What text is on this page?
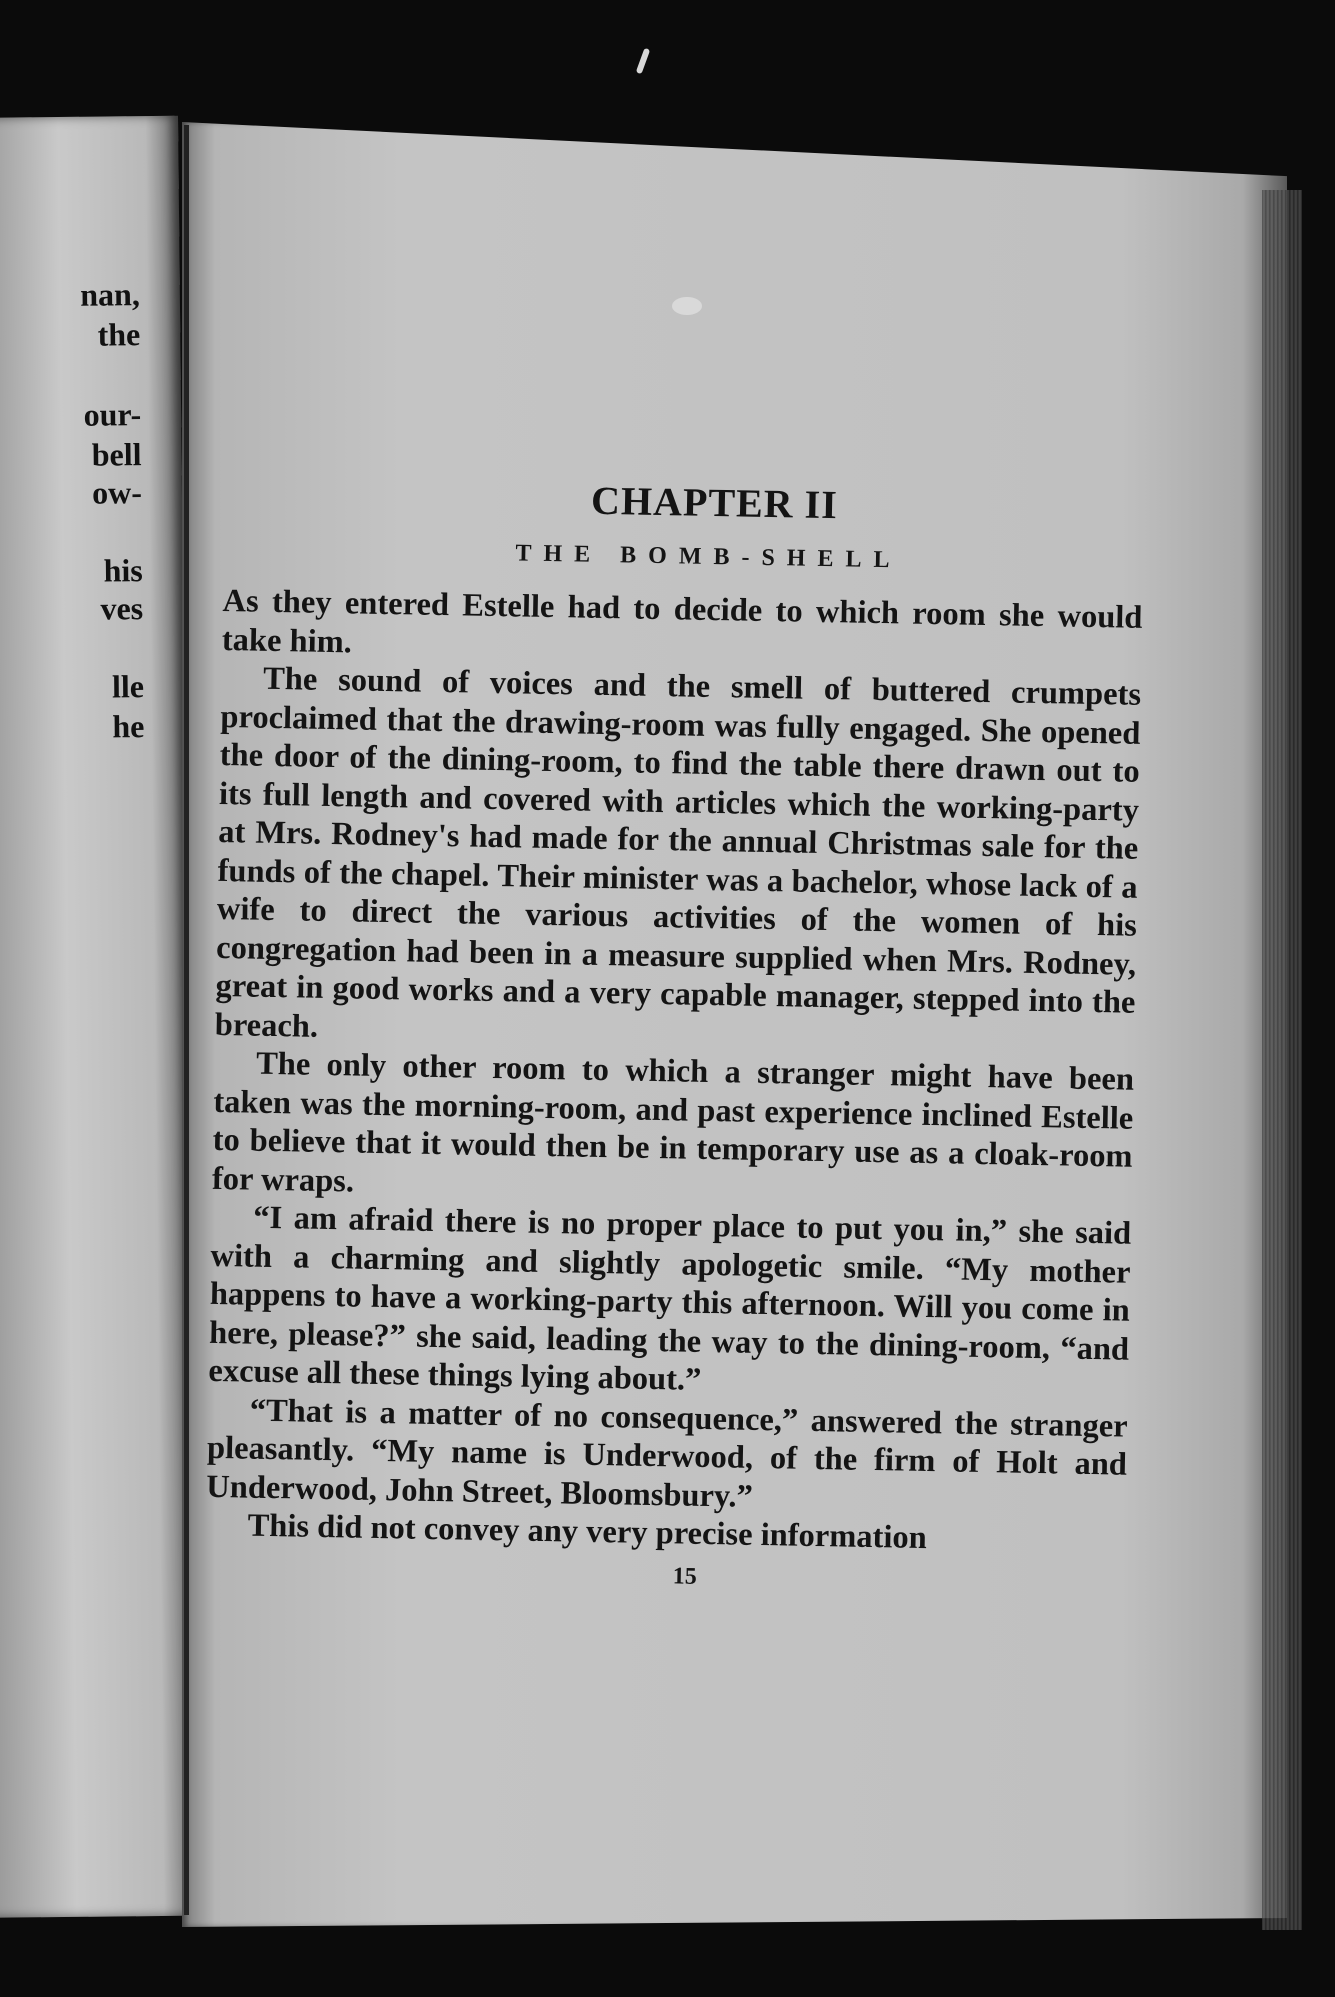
nan,
the
our-
bell
ow-
his
ves
lle
he
CHAPTER II
THE BOMB-SHELL

As they entered Estelle had to decide to which room she would take him.

The sound of voices and the smell of buttered crumpets proclaimed that the drawing-room was fully engaged. She opened the door of the dining-room, to find the table there drawn out to its full length and covered with articles which the working-party at Mrs. Rodney's had made for the annual Christmas sale for the funds of the chapel. Their minister was a bachelor, whose lack of a wife to direct the various activities of the women of his congregation had been in a measure supplied when Mrs. Rodney, great in good works and a very capable manager, stepped into the breach.

The only other room to which a stranger might have been taken was the morning-room, and past experience inclined Estelle to believe that it would then be in temporary use as a cloak-room for wraps.

“I am afraid there is no proper place to put you in,” she said with a charming and slightly apologetic smile. “My mother happens to have a working-party this afternoon. Will you come in here, please?” she said, leading the way to the dining-room, “and excuse all these things lying about.”

“That is a matter of no consequence,” answered the stranger pleasantly. “My name is Underwood, of the firm of Holt and Underwood, John Street, Bloomsbury.”

This did not convey any very precise information

15
